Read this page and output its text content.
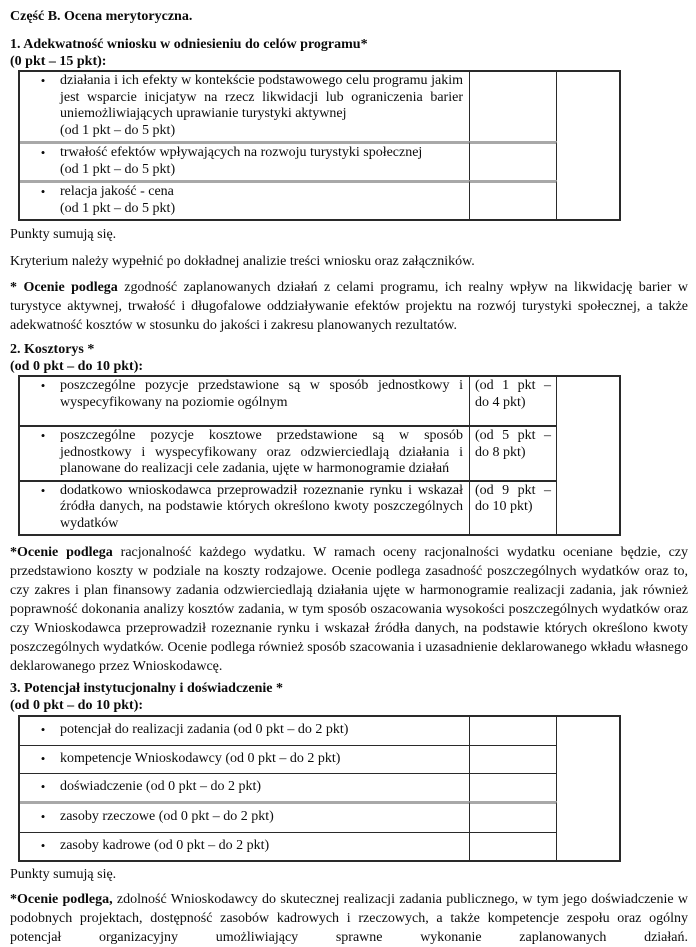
Część B. Ocena merytoryczna.

1. Adekwatność wniosku w odniesieniu do celów programu*

(0 pkt – 15 pkt):

•	działania i ich efekty w kontekście podstawowego celu programu jakim jest wsparcie inicjatyw na rzecz likwidacji lub ograniczenia barier uniemożliwiających uprawianie turystyki aktywnej
(od 1 pkt – do 5 pkt)
•	trwałość efektów wpływających na rozwoju turystyki społecznej
(od 1 pkt – do 5 pkt)
•	relacja jakość - cena
(od 1 pkt – do 5 pkt)

Punkty sumują się.

Kryterium należy wypełnić po dokładnej analizie treści wniosku oraz załączników.

* Ocenie podlega zgodność zaplanowanych działań z celami programu, ich realny wpływ na likwidację barier w turystyce aktywnej, trwałość i długofalowe oddziaływanie efektów projektu na rozwój turystyki społecznej, a także adekwatność kosztów w stosunku do jakości i zakresu planowanych rezultatów.

2. Kosztorys *

(od 0 pkt – do 10 pkt):

•	poszczególne pozycje przedstawione są w sposób jednostkowy i wyspecyfikowany na poziomie ogólnym
(od 1 pkt – do 4 pkt)
•	poszczególne pozycje kosztowe przedstawione są w sposób jednostkowy i wyspecyfikowany oraz odzwierciedlają działania i planowane do realizacji cele zadania, ujęte w harmonogramie działań
(od 5 pkt – do 8 pkt)
•	dodatkowo wnioskodawca przeprowadził rozeznanie rynku i wskazał źródła danych, na podstawie których określono kwoty poszczególnych wydatków
(od 9 pkt – do 10 pkt)

*Ocenie podlega racjonalność każdego wydatku. W ramach oceny racjonalności wydatku oceniane będzie, czy przedstawiono koszty w podziale na koszty rodzajowe. Ocenie podlega zasadność poszczególnych wydatków oraz to, czy zakres i plan finansowy zadania odzwierciedlają działania ujęte w harmonogramie realizacji zadania, jak również poprawność dokonania analizy kosztów zadania, w tym sposób oszacowania wysokości poszczególnych wydatków oraz czy Wnioskodawca przeprowadził rozeznanie rynku i wskazał źródła danych, na podstawie których określono kwoty poszczególnych wydatków. Ocenie podlega również sposób szacowania i uzasadnienie deklarowanego wkładu własnego deklarowanego przez Wnioskodawcę.

3. Potencjał instytucjonalny i doświadczenie *

(od 0 pkt – do 10 pkt):

•	potencjał do realizacji zadania (od 0 pkt – do 2 pkt)
•	kompetencje Wnioskodawcy (od 0 pkt – do 2 pkt)
•	doświadczenie (od 0 pkt – do 2 pkt)
•	zasoby rzeczowe (od 0 pkt – do 2 pkt)
•	zasoby kadrowe (od 0 pkt – do 2 pkt)

Punkty sumują się.

*Ocenie podlega, zdolność Wnioskodawcy do skutecznej realizacji zadania publicznego, w tym jego doświadczenie w podobnych projektach, dostępność zasobów kadrowych i rzeczowych, a także kompetencje zespołu oraz ogólny potencjał organizacyjny umożliwiający sprawne wykonanie zaplanowanych działań.
